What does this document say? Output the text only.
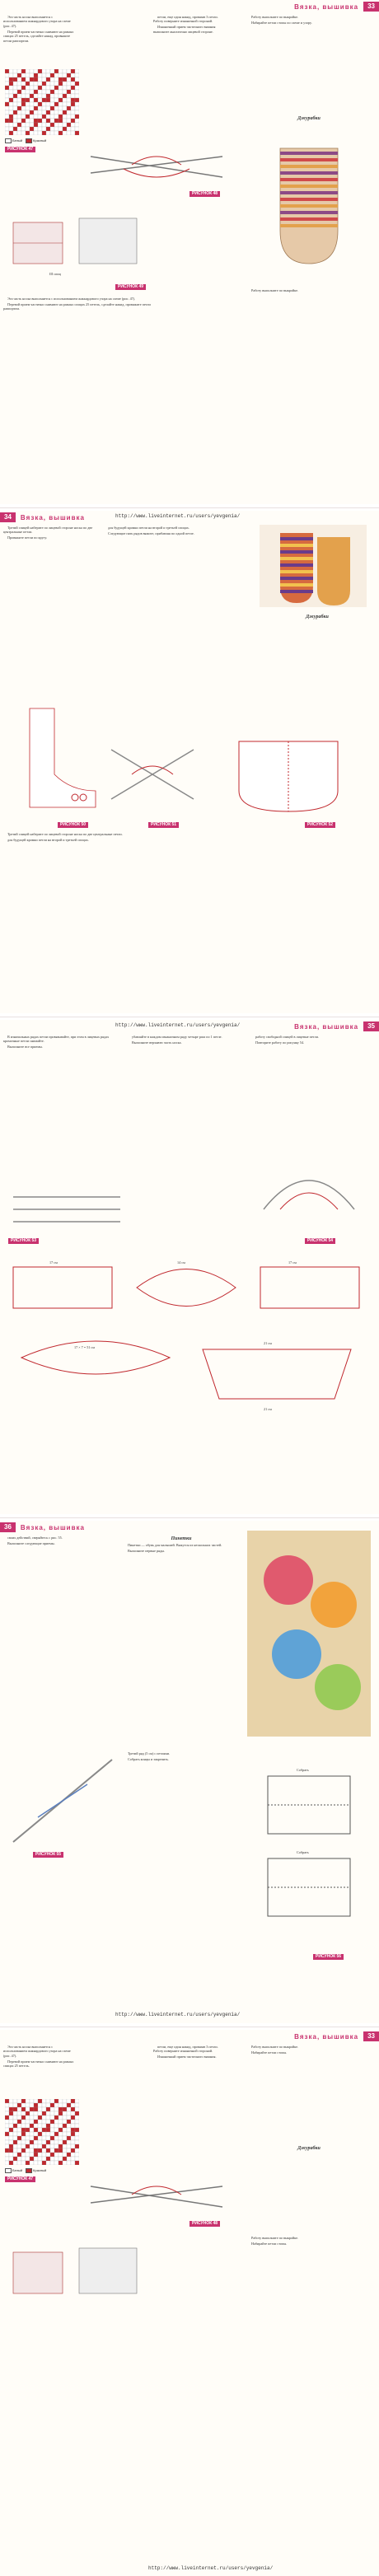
Вязка, вышивка	33

Эта часть носка выполняется с использованием жаккардового узора на схеме (рис. 47).

Перевой прием частично снимают на разных спицах 25 петель, сделайте накид, провяжите петли раппортом.

петли, еще один накид, провязав 3 петли. Работу поверните изнаночной стороной.

Изнаночный прием частичного вязания выполните аналогично лицевой стороне.

Работу выполните по выкройке.

Набирайте петли стопы по схеме и узору.

Белый	Красный
РИСУНОК 47
РИСУНОК 48
Джурабки
III спиц
РИСУНОК 49

Работу выполните по выкройке.

Эта часть носка выполняется с использованием жаккардового узора на схеме (рис. 47).

Перевой прием частично снимают на разных спицах 25 петель, сделайте накид, провяжите петли раппортом.

34	Вязка, вышивка	http://www.liveinternet.ru/users/yevgenia/

Третий спицей наберите по лицевой стороне носка по две центральные петли.

Провяжите петли по кругу.

для будущей кромки петли на второй и третьей спицах.

Следующие пять рядов вяжите, прибавляя по одной петле.

Джурабки
РИСУНОК 50	РИСУНОК 51	РИСУНОК 52

Третий спицей наберите по лицевой стороне носка по две центральные петли.

для будущей кромки петли на второй и третьей спицах.

Вязка, вышивка	35
http://www.liveinternet.ru/users/yevgenia/

В изначальных рядах петли провязывайте, при этом в лицевых рядах кромочные петли снимайте.

Выполните все приемы.

убавляйте в каждом изнаночном ряду четыре раза по 1 петле.

Выполните верхнюю часть носка.

работу свободной спицей в лицевые петли.

Повторите работу по рисунку 54.

РИСУНОК 53	РИСУНОК 54
17 см	14 см	17 см
17 × 7 = 51 см
21 см
21 см
36	Вязка, вышивка

своих действий, сверяйтесь с рис. 55.

Выполните следующие приемы.

Пинетки

Пинетки — обувь для малышей. Вяжутся из нескольких частей.

Выполните первые ряды.

РИСУНОК 55
Собрать
Собрать
РИСУНОК 56

Третий ряд (5 см) с петлями.

Собрать концы и закрепить.

http://www.liveinternet.ru/users/yevgenia/
Вязка, вышивка	33

Эта часть носка выполняется с использованием жаккардового узора на схеме (рис. 47).

Перевой прием частично снимают на разных спицах 25 петель.

петли, еще один накид, провязав 3 петли. Работу поверните изнаночной стороной.

Изнаночный прием частичного вязания.

Работу выполните по выкройке.

Набирайте петли стопы.

Белый	Красный
РИСУНОК 47
РИСУНОК 48
Джурабки

Работу выполните по выкройке.

Набирайте петли стопы.

http://www.liveinternet.ru/users/yevgenia/
